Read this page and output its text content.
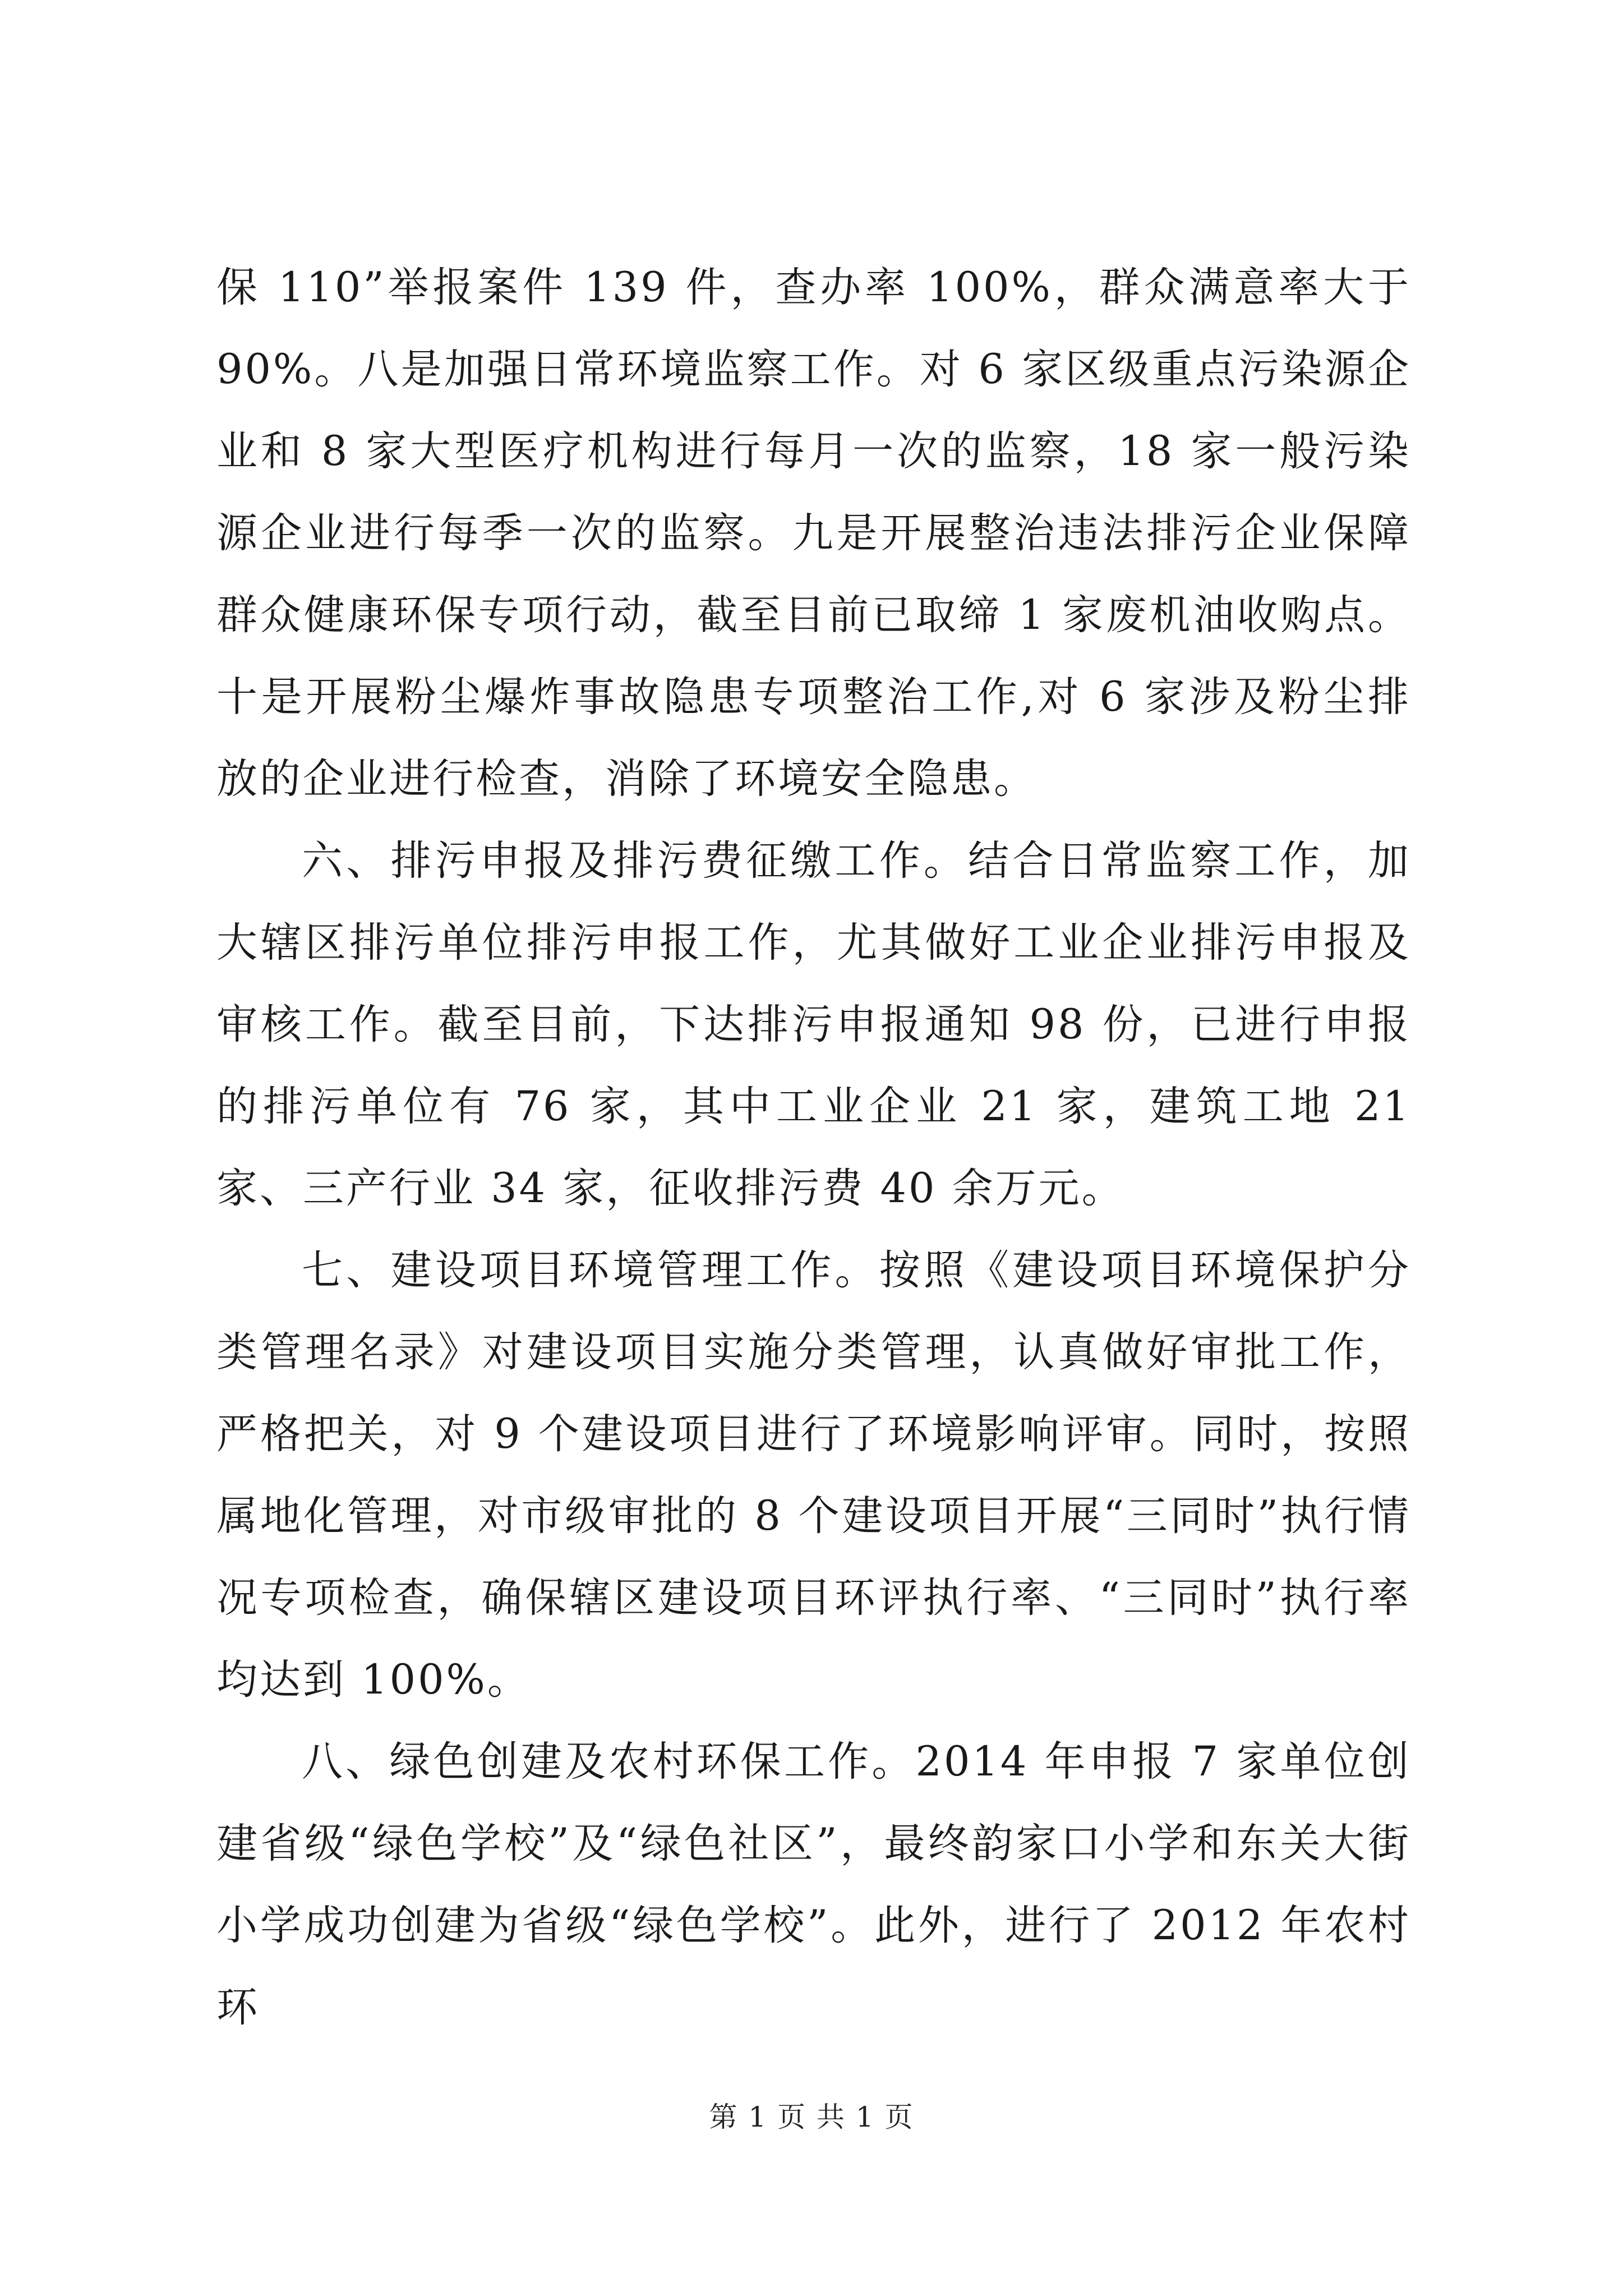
保 110”举报案件 139 件，查办率 100%，群众满意率大于 90%。八是加强日常环境监察工作。对 6 家区级重点污染源企业和 8 家大型医疗机构进行每月一次的监察，18 家一般污染源企业进行每季一次的监察。九是开展整治违法排污企业保障群众健康环保专项行动，截至目前已取缔 1 家废机油收购点。十是开展粉尘爆炸事故隐患专项整治工作,对 6 家涉及粉尘排放的企业进行检查，消除了环境安全隐患。

六、排污申报及排污费征缴工作。结合日常监察工作，加大辖区排污单位排污申报工作，尤其做好工业企业排污申报及审核工作。截至目前，下达排污申报通知 98 份，已进行申报的排污单位有 76 家，其中工业企业 21 家，建筑工地 21 家、三产行业 34 家，征收排污费 40 余万元。

七、建设项目环境管理工作。按照《建设项目环境保护分类管理名录》对建设项目实施分类管理，认真做好审批工作，严格把关，对 9 个建设项目进行了环境影响评审。同时，按照属地化管理，对市级审批的 8 个建设项目开展“三同时”执行情况专项检查，确保辖区建设项目环评执行率、“三同时”执行率均达到 100%。

八、绿色创建及农村环保工作。2014 年申报 7 家单位创建省级“绿色学校”及“绿色社区”，最终韵家口小学和东关大街小学成功创建为省级“绿色学校”。此外，进行了 2012 年农村环

第 1 页 共 1 页
